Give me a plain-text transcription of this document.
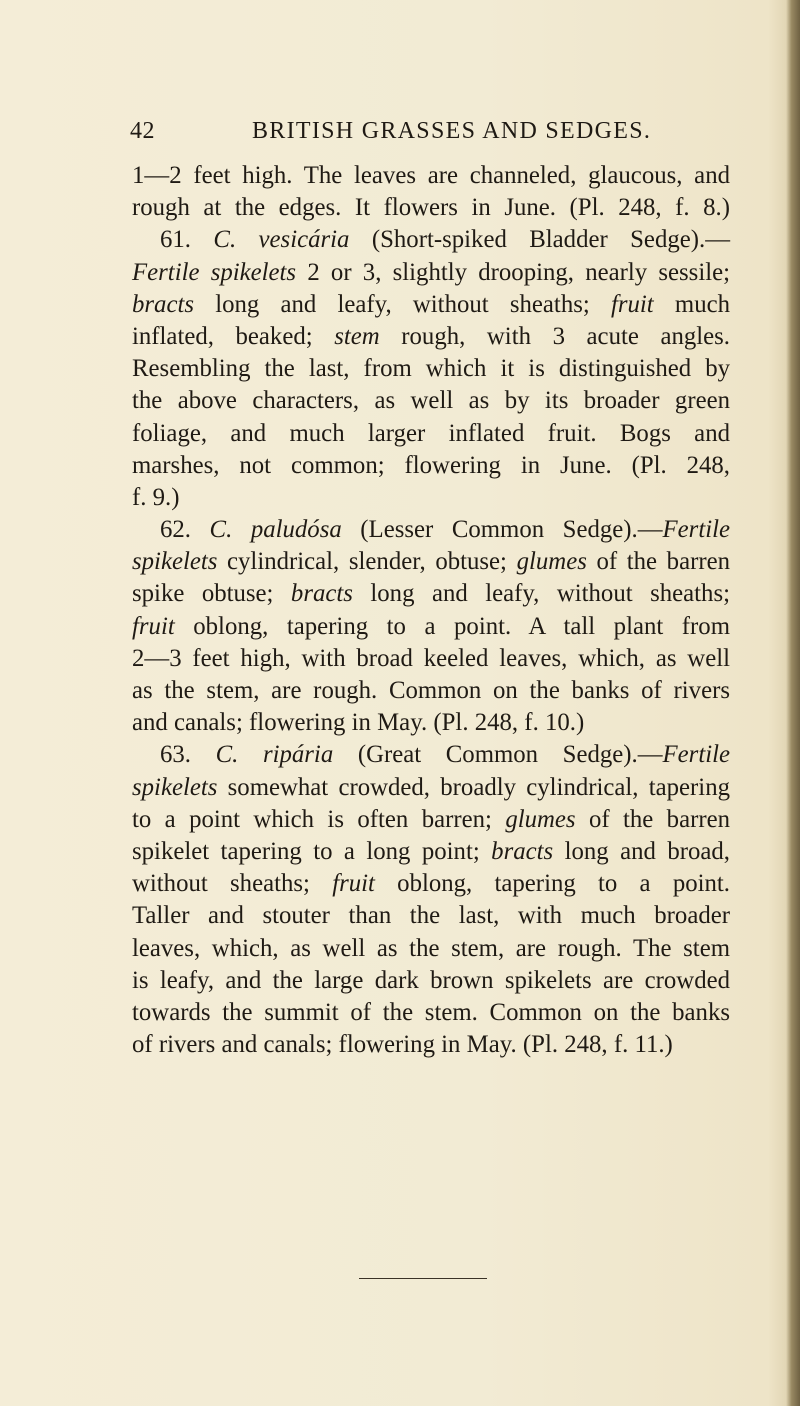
42	BRITISH GRASSES AND SEDGES.
1—2 feet high. The leaves are channeled, glaucous, and
rough at the edges. It flowers in June. (Pl. 248, f. 8.)
61. C. vesicária (Short-spiked Bladder Sedge).—
Fertile spikelets 2 or 3, slightly drooping, nearly sessile;
bracts long and leafy, without sheaths; fruit much
inflated, beaked; stem rough, with 3 acute angles.
Resembling the last, from which it is distinguished by
the above characters, as well as by its broader green
foliage, and much larger inflated fruit. Bogs and
marshes, not common; flowering in June. (Pl. 248,
f. 9.)
62. C. paludósa (Lesser Common Sedge).—Fertile
spikelets cylindrical, slender, obtuse; glumes of the barren
spike obtuse; bracts long and leafy, without sheaths;
fruit oblong, tapering to a point. A tall plant from
2—3 feet high, with broad keeled leaves, which, as well
as the stem, are rough. Common on the banks of rivers
and canals; flowering in May. (Pl. 248, f. 10.)
63. C. ripária (Great Common Sedge).—Fertile
spikelets somewhat crowded, broadly cylindrical, tapering
to a point which is often barren; glumes of the barren
spikelet tapering to a long point; bracts long and broad,
without sheaths; fruit oblong, tapering to a point.
Taller and stouter than the last, with much broader
leaves, which, as well as the stem, are rough. The stem
is leafy, and the large dark brown spikelets are crowded
towards the summit of the stem. Common on the banks
of rivers and canals; flowering in May. (Pl. 248, f. 11.)
